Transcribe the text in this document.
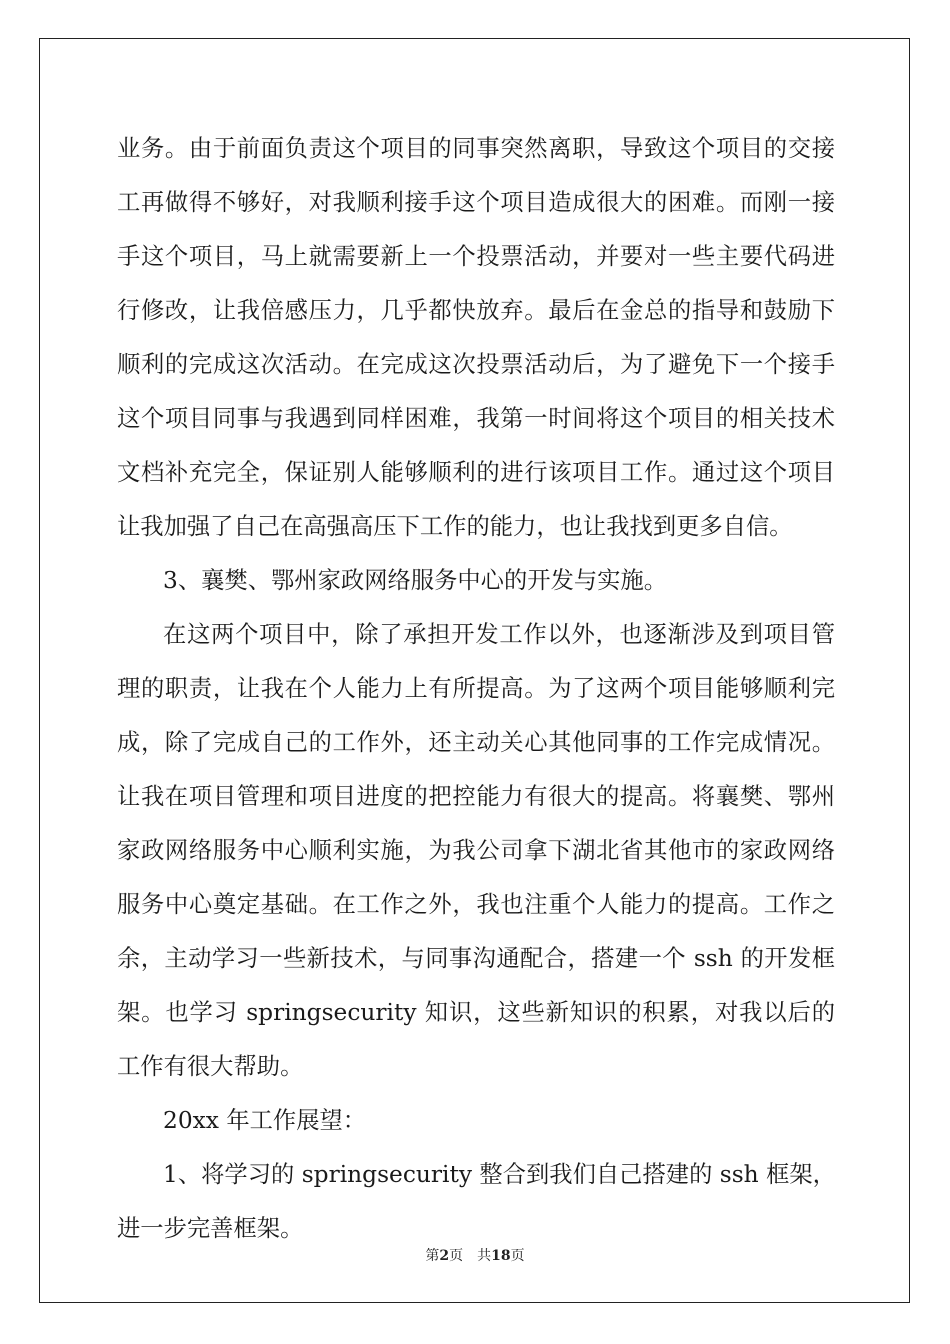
业务。由于前面负责这个项目的同事突然离职，导致这个项目的交接
工再做得不够好，对我顺利接手这个项目造成很大的困难。而刚一接
手这个项目，马上就需要新上一个投票活动，并要对一些主要代码进
行修改，让我倍感压力，几乎都快放弃。最后在金总的指导和鼓励下
顺利的完成这次活动。在完成这次投票活动后，为了避免下一个接手
这个项目同事与我遇到同样困难，我第一时间将这个项目的相关技术
文档补充完全，保证别人能够顺利的进行该项目工作。通过这个项目
让我加强了自己在高强高压下工作的能力，也让我找到更多自信。
3、襄樊、鄂州家政网络服务中心的开发与实施。
在这两个项目中，除了承担开发工作以外，也逐渐涉及到项目管
理的职责，让我在个人能力上有所提高。为了这两个项目能够顺利完
成，除了完成自己的工作外，还主动关心其他同事的工作完成情况。
让我在项目管理和项目进度的把控能力有很大的提高。将襄樊、鄂州
家政网络服务中心顺利实施，为我公司拿下湖北省其他市的家政网络
服务中心奠定基础。在工作之外，我也注重个人能力的提高。工作之
余，主动学习一些新技术，与同事沟通配合，搭建一个 ssh 的开发框
架。也学习 springsecurity 知识，这些新知识的积累，对我以后的
工作有很大帮助。
20xx 年工作展望：
1、将学习的 springsecurity 整合到我们自己搭建的 ssh 框架，
进一步完善框架。
第2页 共18页
